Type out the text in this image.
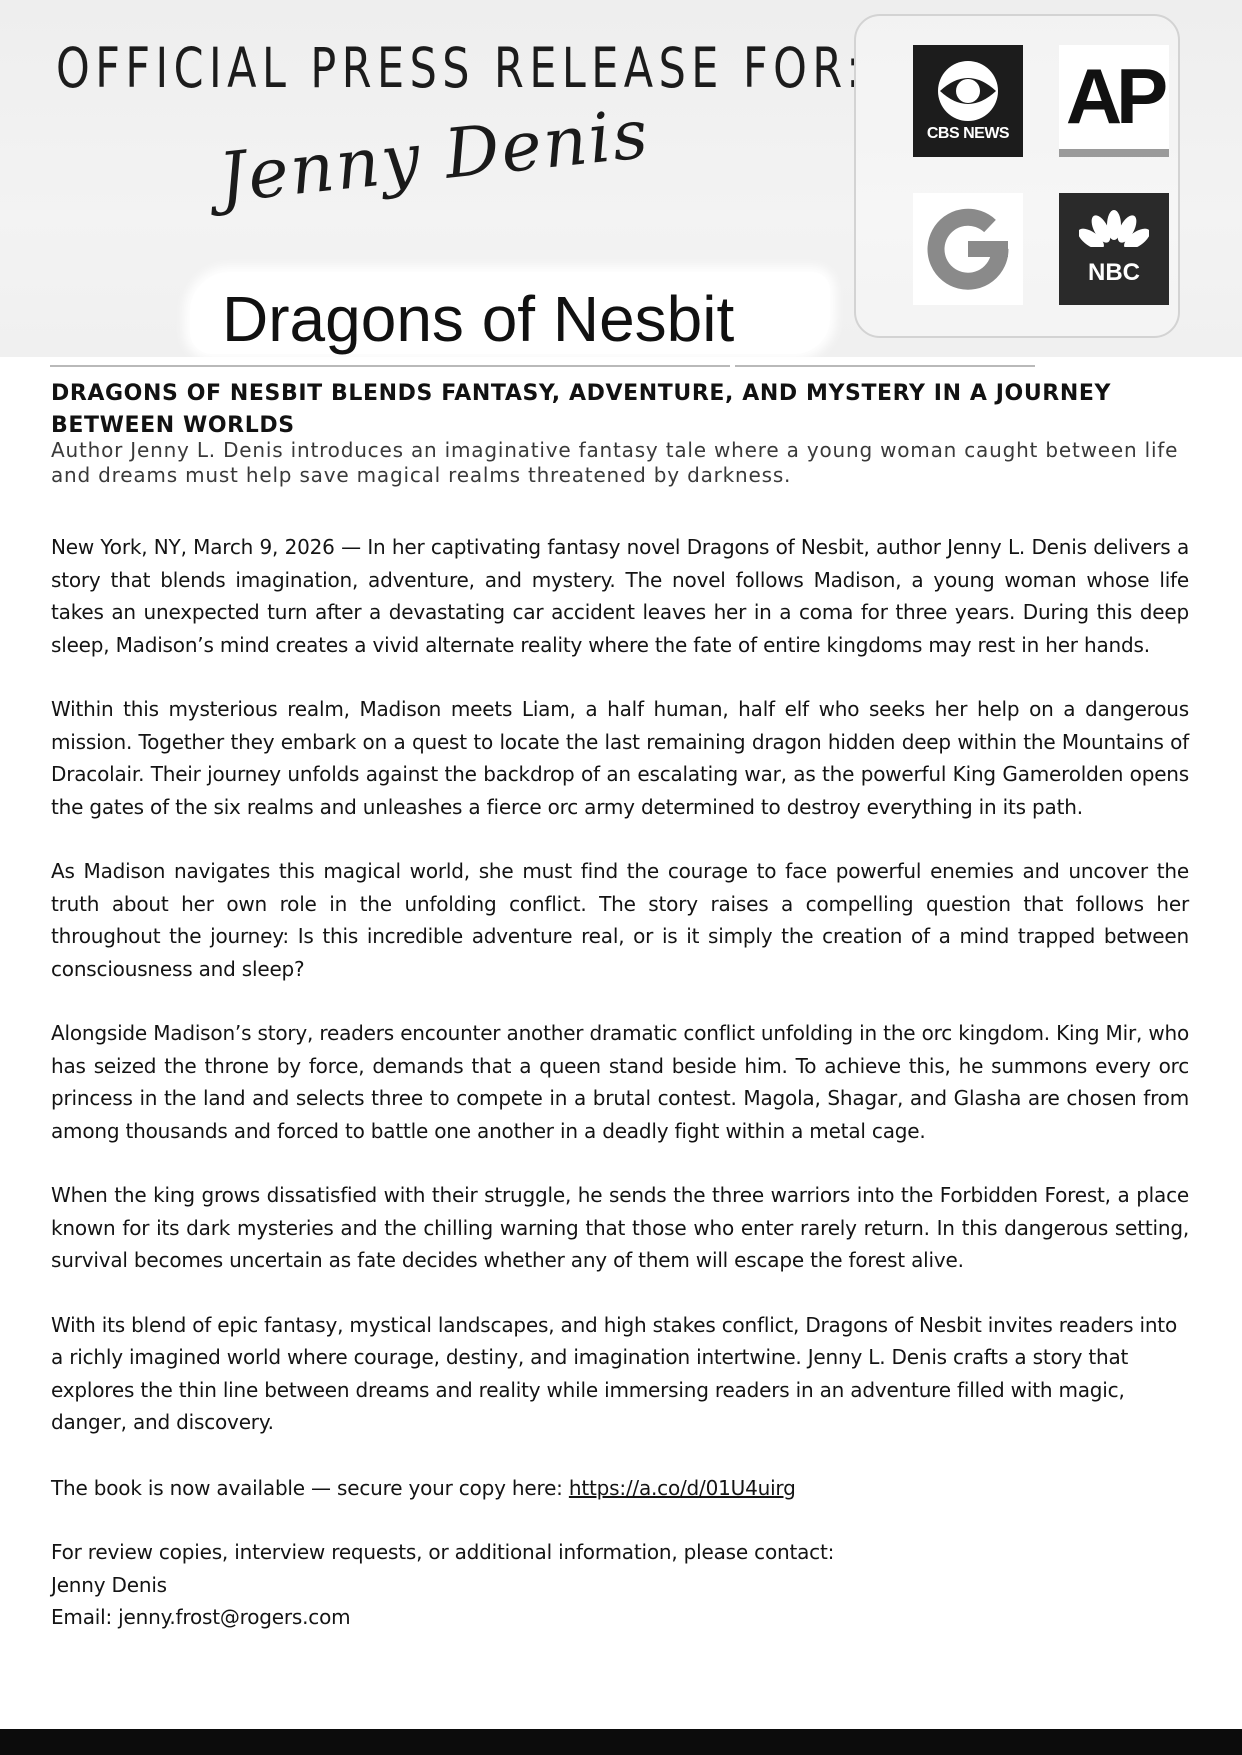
OFFICIAL PRESS RELEASE FOR:
Jenny Denis
Dragons of Nesbit
CBS NEWS AP
NBC
DRAGONS OF NESBIT BLENDS FANTASY, ADVENTURE, AND MYSTERY IN A JOURNEY BETWEEN WORLDS

Author Jenny L. Denis introduces an imaginative fantasy tale where a young woman caught between life and dreams must help save magical realms threatened by darkness.

New York, NY, March 9, 2026 — In her captivating fantasy novel Dragons of Nesbit, author Jenny L. Denis delivers a story that blends imagination, adventure, and mystery. The novel follows Madison, a young woman whose life takes an unexpected turn after a devastating car accident leaves her in a coma for three years. During this deep sleep, Madison’s mind creates a vivid alternate reality where the fate of entire kingdoms may rest in her hands.

Within this mysterious realm, Madison meets Liam, a half human, half elf who seeks her help on a dangerous mission. Together they embark on a quest to locate the last remaining dragon hidden deep within the Mountains of Dracolair. Their journey unfolds against the backdrop of an escalating war, as the powerful King Gamerolden opens the gates of the six realms and unleashes a fierce orc army determined to destroy everything in its path.

As Madison navigates this magical world, she must find the courage to face powerful enemies and uncover the truth about her own role in the unfolding conflict. The story raises a compelling question that follows her throughout the journey: Is this incredible adventure real, or is it simply the creation of a mind trapped between consciousness and sleep?

Alongside Madison’s story, readers encounter another dramatic conflict unfolding in the orc kingdom. King Mir, who has seized the throne by force, demands that a queen stand beside him. To achieve this, he summons every orc princess in the land and selects three to compete in a brutal contest. Magola, Shagar, and Glasha are chosen from among thousands and forced to battle one another in a deadly fight within a metal cage.

When the king grows dissatisfied with their struggle, he sends the three warriors into the Forbidden Forest, a place known for its dark mysteries and the chilling warning that those who enter rarely return. In this dangerous setting, survival becomes uncertain as fate decides whether any of them will escape the forest alive.

With its blend of epic fantasy, mystical landscapes, and high stakes conflict, Dragons of Nesbit invites readers into a richly imagined world where courage, destiny, and imagination intertwine. Jenny L. Denis crafts a story that explores the thin line between dreams and reality while immersing readers in an adventure filled with magic, danger, and discovery.

The book is now available — secure your copy here: https://a.co/d/01U4uirg
For review copies, interview requests, or additional information, please contact:
Jenny Denis
Email: jenny.frost@rogers.com
